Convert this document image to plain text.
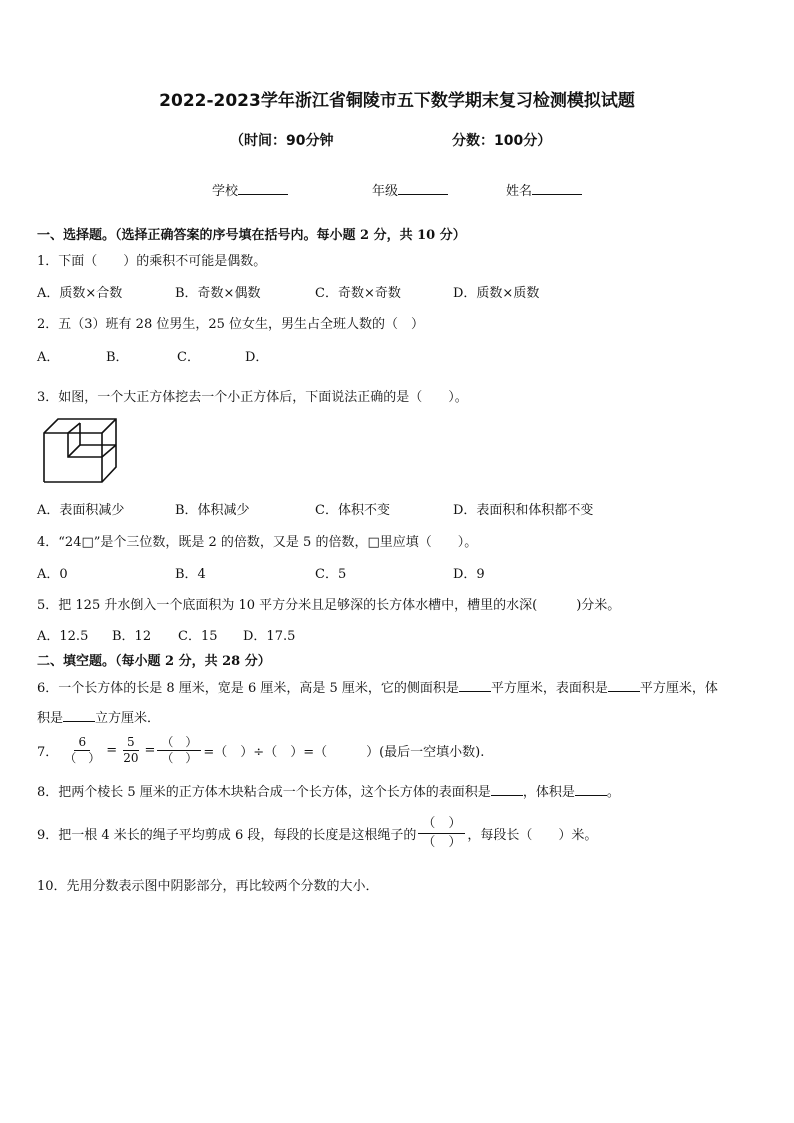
2022-2023学年浙江省铜陵市五下数学期末复习检测模拟试题
（时间：90分钟	分数：100分）
学校	年级	姓名
一、选择题。（选择正确答案的序号填在括号内。每小题 2 分，共 10 分）
1．下面（　　）的乘积不可能是偶数。
A．质数×合数	B．奇数×偶数	C．奇数×奇数	D．质数×质数
2．五（3）班有 28 位男生，25 位女生，男生占全班人数的（　）
A．	B．	C．	D．
3．如图，一个大正方体挖去一个小正方体后，下面说法正确的是（　　）。
A．表面积减少	B．体积减少	C．体积不变	D．表面积和体积都不变
4．“24□”是个三位数，既是 2 的倍数，又是 5 的倍数，□里应填（　　）。
A．0	B．4	C．5	D．9
5．把 125 升水倒入一个底面积为 10 平方分米且足够深的长方体水槽中，槽里的水深(　　　)分米。
A．12.5 B．12 C．15 D．17.5
二、填空题。（每小题 2 分，共 28 分）
6．一个长方体的长是 8 厘米，宽是 6 厘米，高是 5 厘米，它的侧面积是 平方厘米，表面积是 平方厘米，体
积是 立方厘米．
7． $\frac{6}{( )} = \frac{5}{20} = \frac{( )}{( )}$ =（　）÷（　）=（　　　）(最后一空填小数).
8．把两个棱长 5 厘米的正方体木块粘合成一个长方体，这个长方体的表面积是 ，体积是 。
9．把一根 4 米长的绳子平均剪成 6 段，每段的长度是这根绳子的 $\frac{( )}{( )}$ ，每段长（　　）米。
10．先用分数表示图中阴影部分，再比较两个分数的大小．
